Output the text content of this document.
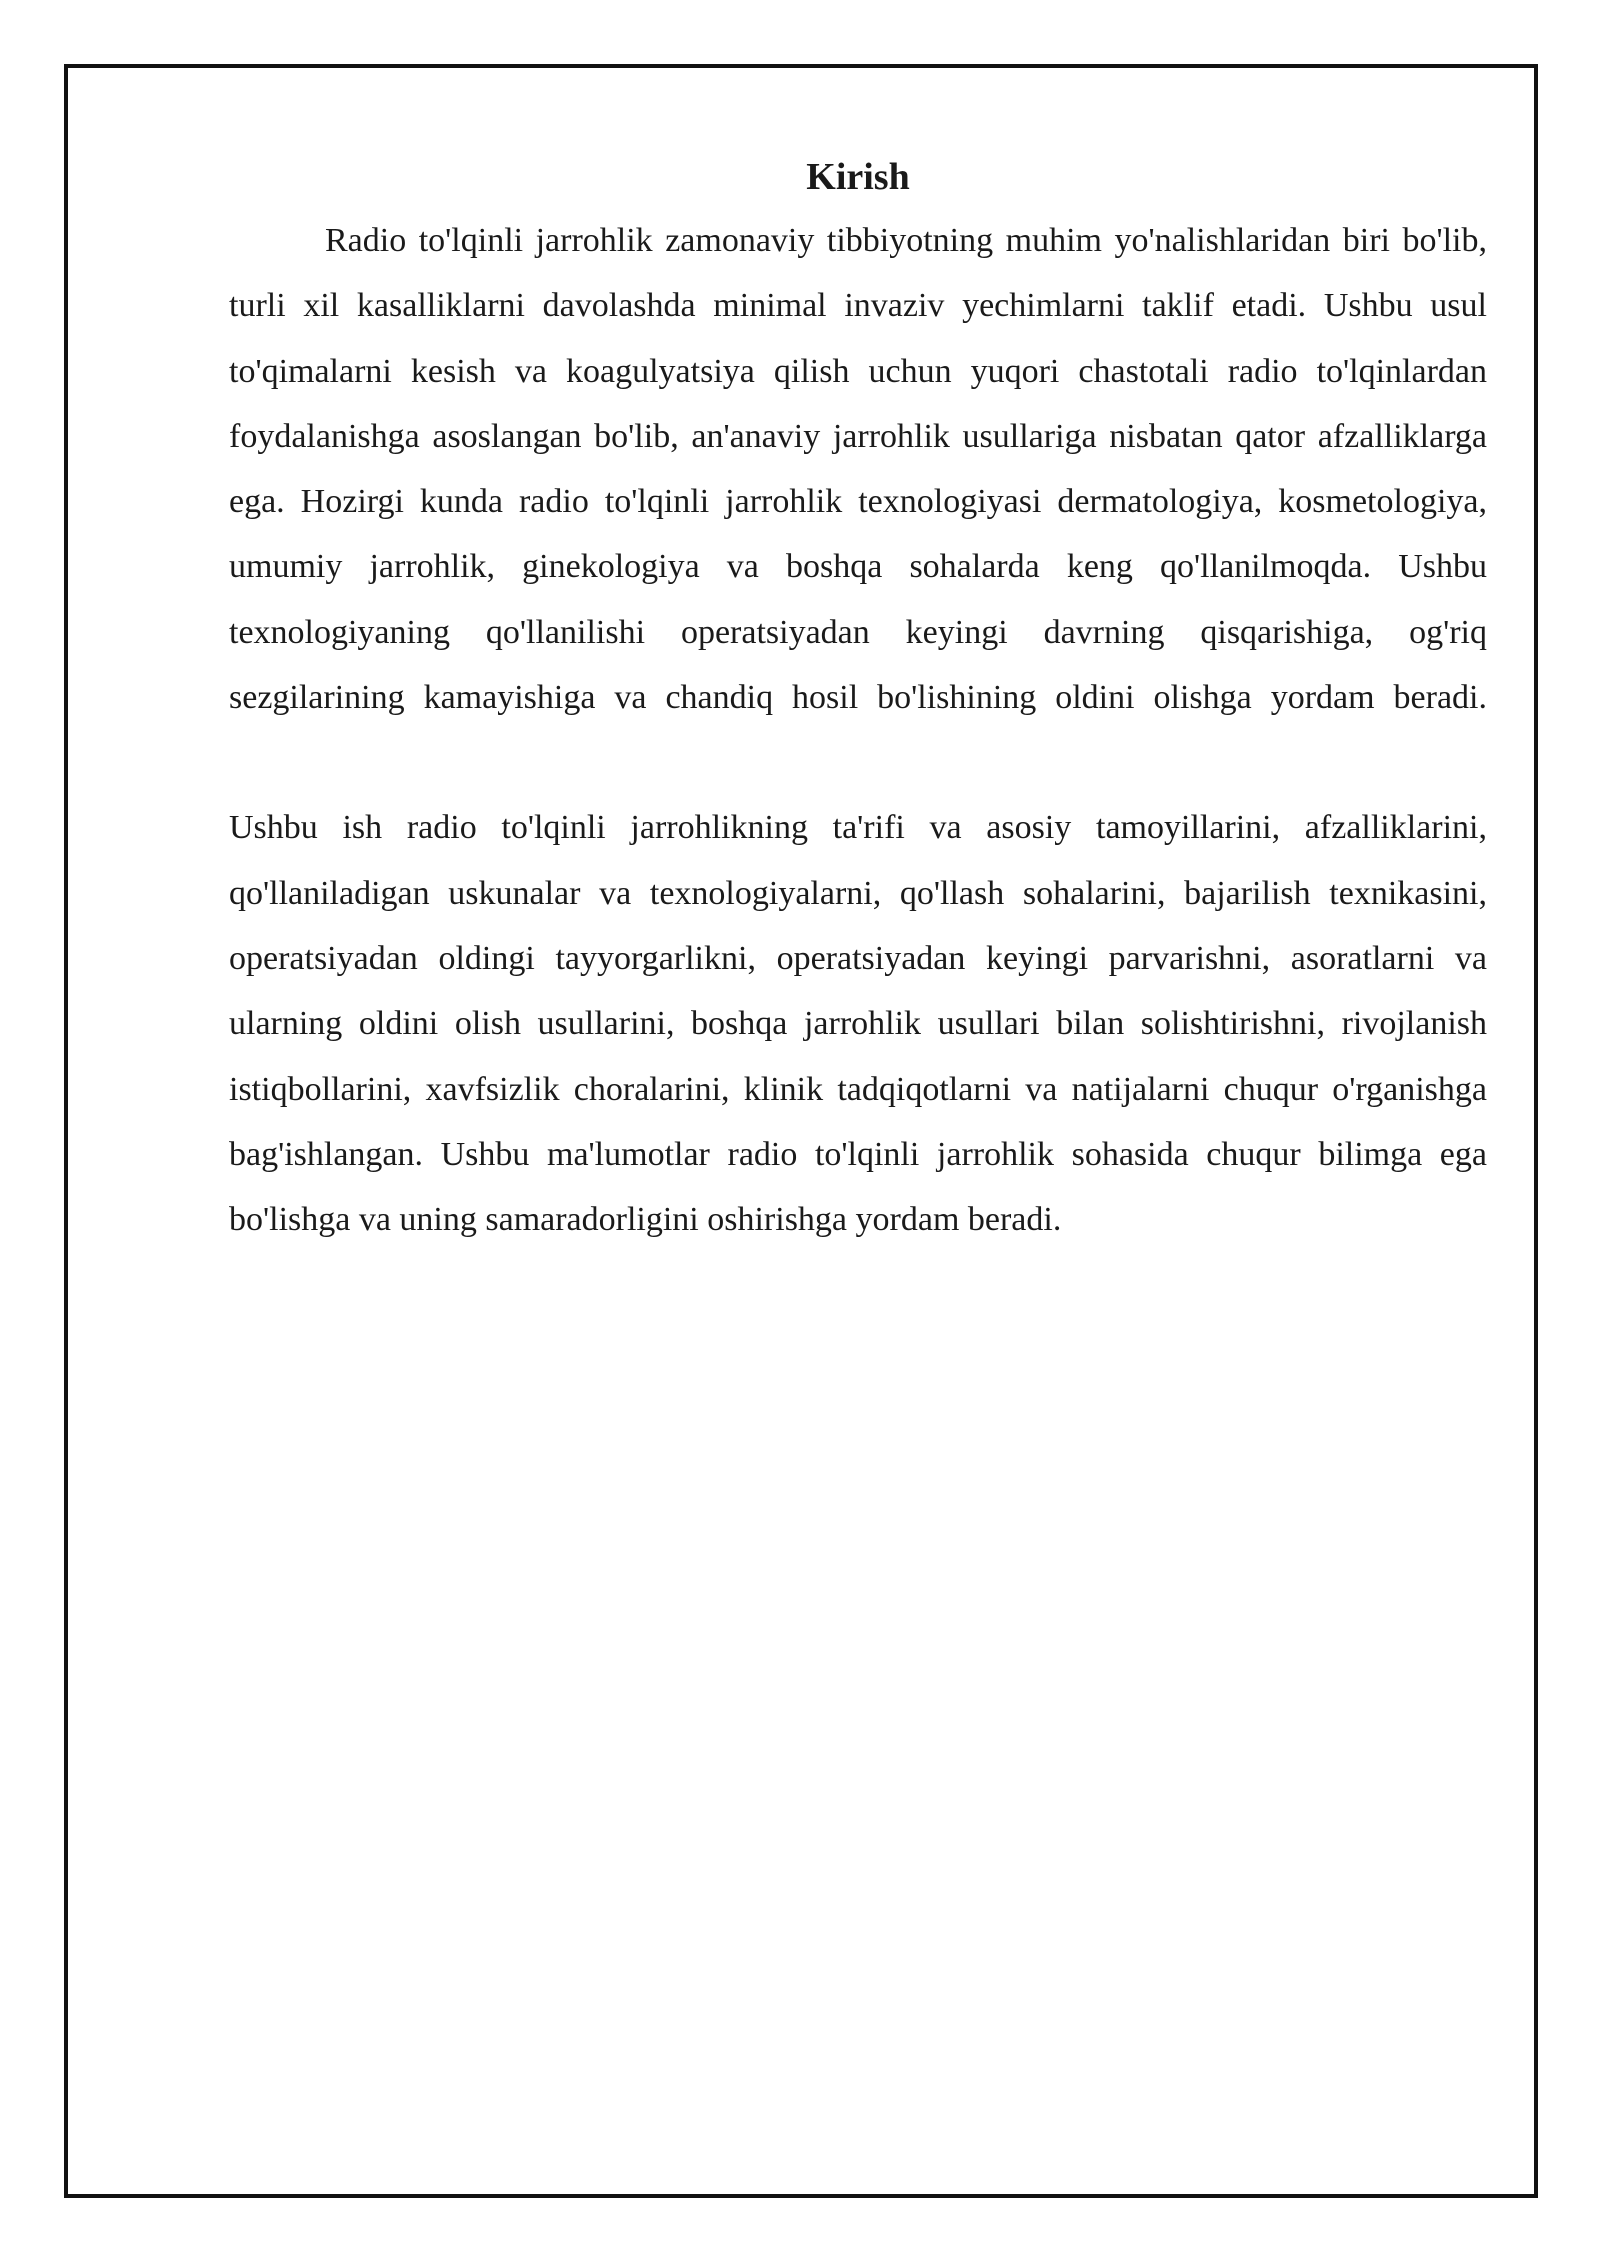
Kirish

Radio to'lqinli jarrohlik zamonaviy tibbiyotning muhim yo'nalishlaridan biri bo'lib, turli xil kasalliklarni davolashda minimal invaziv yechimlarni taklif etadi. Ushbu usul to'qimalarni kesish va koagulyatsiya qilish uchun yuqori chastotali radio to'lqinlardan foydalanishga asoslangan bo'lib, an'anaviy jarrohlik usullariga nisbatan qator afzalliklarga ega. Hozirgi kunda radio to'lqinli jarrohlik texnologiyasi dermatologiya, kosmetologiya, umumiy jarrohlik, ginekologiya va boshqa sohalarda keng qo'llanilmoqda. Ushbu texnologiyaning qo'llanilishi operatsiyadan keyingi davrning qisqarishiga, og'riq sezgilarining kamayishiga va chandiq hosil bo'lishining oldini olishga yordam beradi.

Ushbu ish radio to'lqinli jarrohlikning ta'rifi va asosiy tamoyillarini, afzalliklarini, qo'llaniladigan uskunalar va texnologiyalarni, qo'llash sohalarini, bajarilish texnikasini, operatsiyadan oldingi tayyorgarlikni, operatsiyadan keyingi parvarishni, asoratlarni va ularning oldini olish usullarini, boshqa jarrohlik usullari bilan solishtirishni, rivojlanish istiqbollarini, xavfsizlik choralarini, klinik tadqiqotlarni va natijalarni chuqur o'rganishga bag'ishlangan. Ushbu ma'lumotlar radio to'lqinli jarrohlik sohasida chuqur bilimga ega bo'lishga va uning samaradorligini oshirishga yordam beradi.
